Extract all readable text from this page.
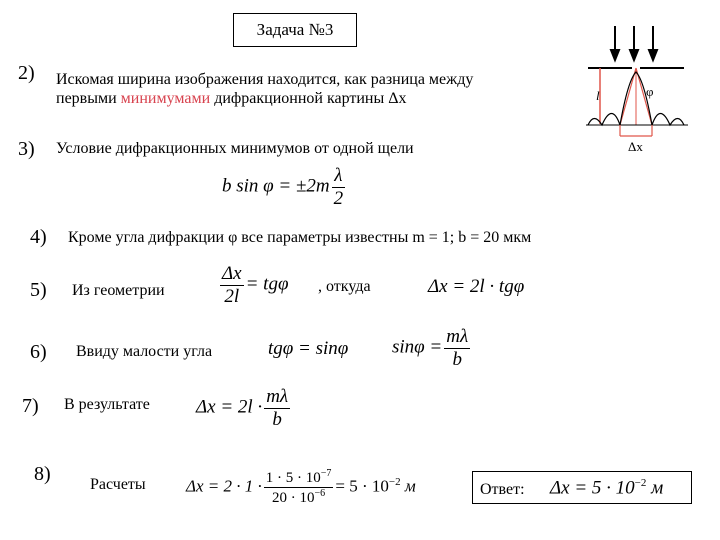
Задача №3
2) Искомая ширина изображения находится, как разница между
первыми минимумами дифракционной картины Δx
3) Условие дифракционных минимумов от одной щели
b $\sin \varphi = \pm 2m \frac{\lambda}{2}$
4) Кроме угла дифракции φ все параметры известны m = 1; b = 20 мкм
5) Из геометрии	$\frac{\Delta x}{2l} = tg\varphi$ , откуда	Δx = 2l · tgφ
6) Ввиду малости угла	tgφ = sinφ $\sin\varphi = \frac{m\lambda}{b}$
7) В результате $\Delta x = 2l \cdot \frac{m\lambda}{b}$
8) Расчеты $\Delta x = 2 \cdot 1 \cdot \frac{1 \cdot 5 \cdot 10^{-7}}{20 \cdot 10^{-6}} = 5 \cdot 10^{-2}$ м	Ответ: $\Delta x = 5 \cdot 10^{-2}$ м
l	φ
Δx
